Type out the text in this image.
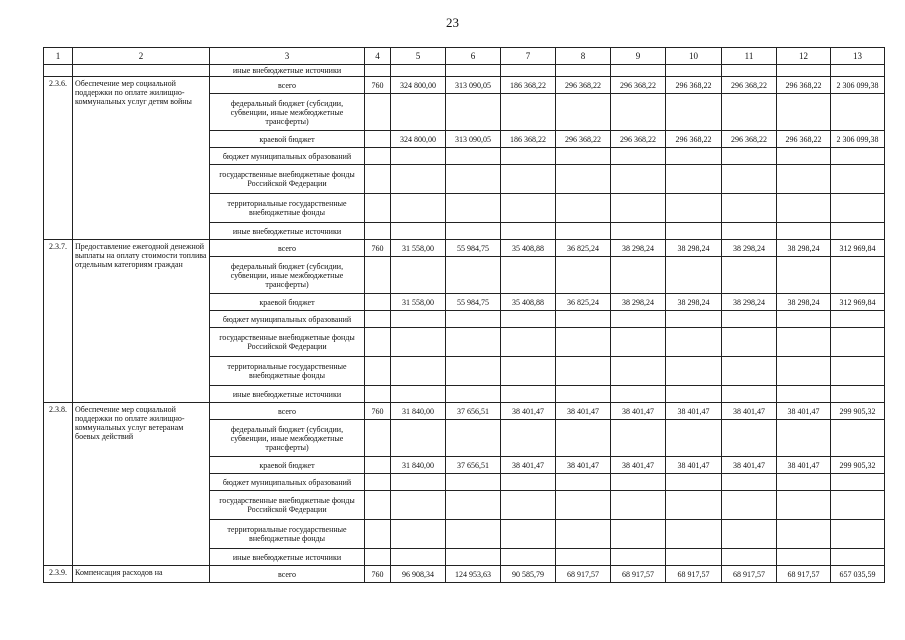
23
1	2	3	4	5	6	7	8	9	10	11	12	13
		иные внебюджетные источники										
2.3.6.	Обеспечение мер социальной поддержки по оплате жилищно-коммунальных услуг детям войны	всего	760	324 800,00	313 090,05	186 368,22	296 368,22	296 368,22	296 368,22	296 368,22	296 368,22	2 306 099,38
		федеральный бюджет (субсидии, субвенции, иные межбюджетные трансферты)										
		краевой бюджет		324 800,00	313 090,05	186 368,22	296 368,22	296 368,22	296 368,22	296 368,22	296 368,22	2 306 099,38
		бюджет муниципальных образований										
		государственные внебюджетные фонды Российской Федерации										
		территориальные государственные внебюджетные фонды										
		иные внебюджетные источники										
2.3.7.	Предоставление ежегодной денежной выплаты на оплату стоимости топлива отдельным категориям граждан	всего	760	31 558,00	55 984,75	35 408,88	36 825,24	38 298,24	38 298,24	38 298,24	38 298,24	312 969,84
		федеральный бюджет (субсидии, субвенции, иные межбюджетные трансферты)										
		краевой бюджет		31 558,00	55 984,75	35 408,88	36 825,24	38 298,24	38 298,24	38 298,24	38 298,24	312 969,84
		бюджет муниципальных образований										
		государственные внебюджетные фонды Российской Федерации										
		территориальные государственные внебюджетные фонды										
		иные внебюджетные источники										
2.3.8.	Обеспечение мер социальной поддержки по оплате жилищно-коммунальных услуг ветеранам боевых действий	всего	760	31 840,00	37 656,51	38 401,47	38 401,47	38 401,47	38 401,47	38 401,47	38 401,47	299 905,32
		федеральный бюджет (субсидии, субвенции, иные межбюджетные трансферты)										
		краевой бюджет		31 840,00	37 656,51	38 401,47	38 401,47	38 401,47	38 401,47	38 401,47	38 401,47	299 905,32
		бюджет муниципальных образований										
		государственные внебюджетные фонды Российской Федерации										
		территориальные государственные внебюджетные фонды										
		иные внебюджетные источники										
2.3.9.	Компенсация расходов на	всего	760	96 908,34	124 953,63	90 585,79	68 917,57	68 917,57	68 917,57	68 917,57	68 917,57	657 035,59
